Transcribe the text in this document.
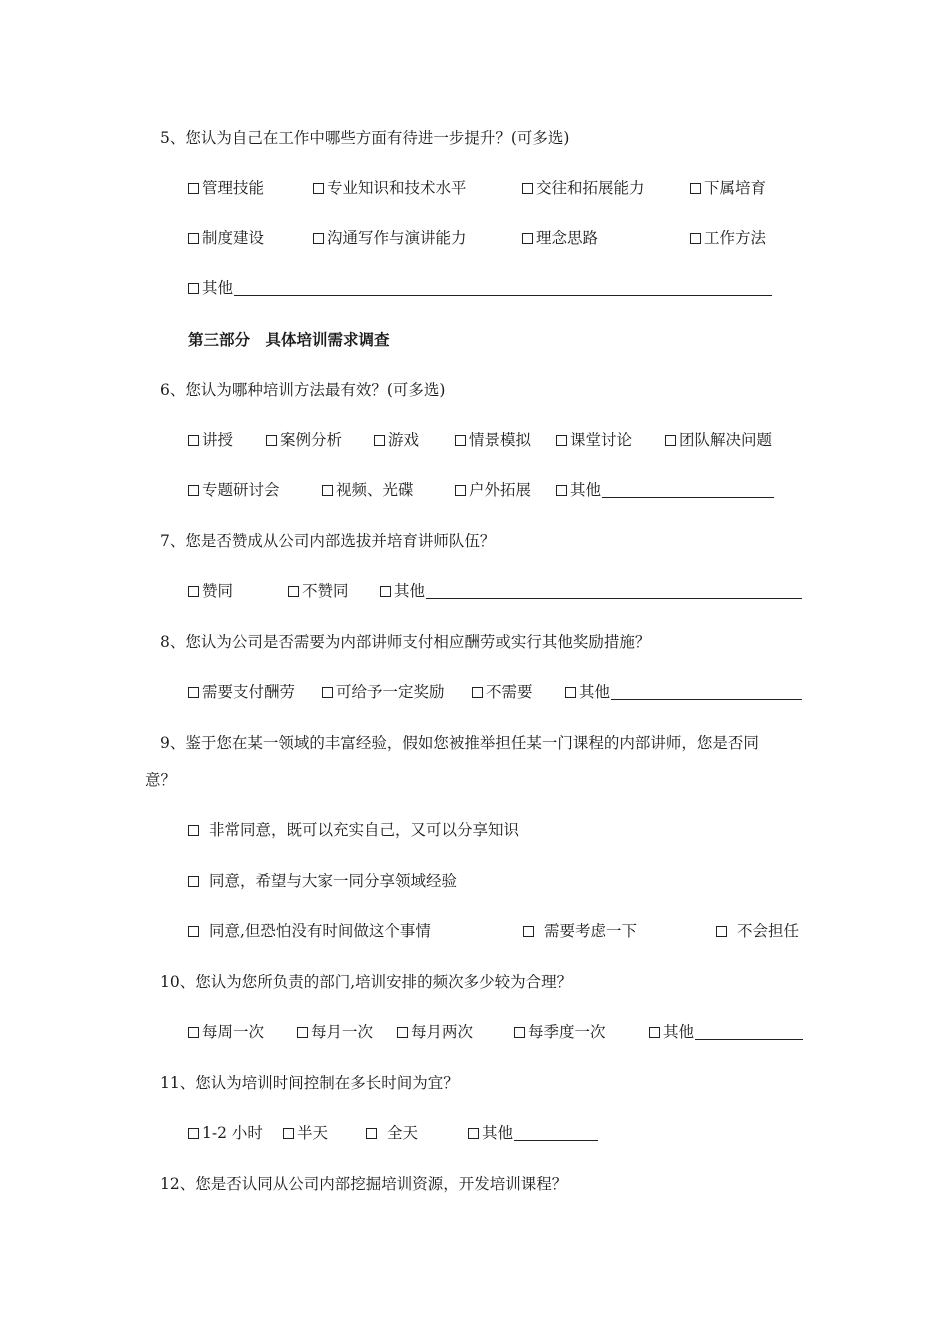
5、您认为自己在工作中哪些方面有待进一步提升？(可多选)
管理技能	专业知识和技术水平	交往和拓展能力	下属培育
制度建设	沟通写作与演讲能力	理念思路	工作方法
其他
第三部分　具体培训需求调查
6、您认为哪种培训方法最有效？(可多选)
讲授	案例分析	游戏	情景模拟	课堂讨论	团队解决问题
专题研讨会	视频、光碟	户外拓展	其他
7、您是否赞成从公司内部选拔并培育讲师队伍？
赞同	不赞同	其他
8、您认为公司是否需要为内部讲师支付相应酬劳或实行其他奖励措施？
需要支付酬劳	可给予一定奖励	不需要	其他
9、鉴于您在某一领域的丰富经验，假如您被推举担任某一门课程的内部讲师，您是否同
意？
非常同意，既可以充实自己，又可以分享知识
同意，希望与大家一同分享领域经验
同意,但恐怕没有时间做这个事情	需要考虑一下	不会担任
10、您认为您所负责的部门,培训安排的频次多少较为合理？
每周一次	每月一次 每月两次	每季度一次	其他
11、您认为培训时间控制在多长时间为宜？
1-2 小时 半天	全天	其他
12、您是否认同从公司内部挖掘培训资源，开发培训课程？
